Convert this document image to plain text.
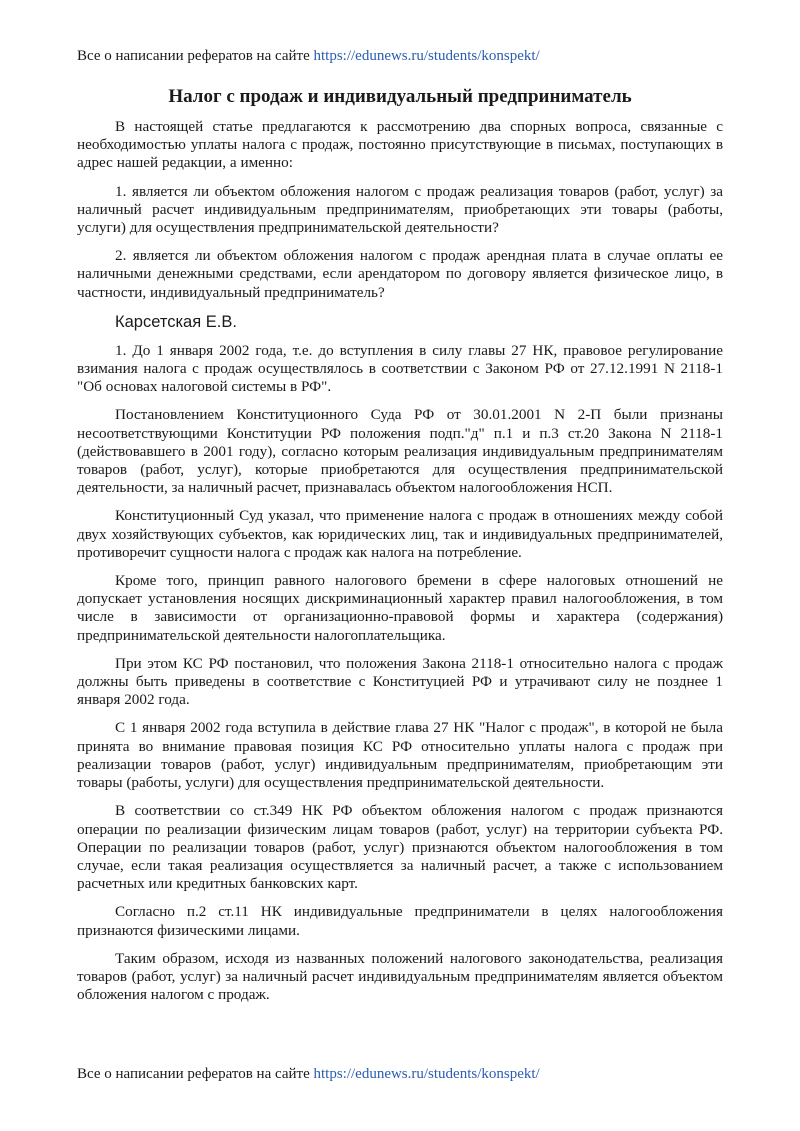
Все о написании рефератов на сайте https://edunews.ru/students/konspekt/
Налог с продаж и индивидуальный предприниматель

В настоящей статье предлагаются к рассмотрению два спорных вопроса, связанные с необходимостью уплаты налога с продаж, постоянно присутствующие в письмах, поступающих в адрес нашей редакции, а именно:

1. является ли объектом обложения налогом с продаж реализация товаров (работ, услуг) за наличный расчет индивидуальным предпринимателям, приобретающих эти товары (работы, услуги) для осуществления предпринимательской деятельности?

2. является ли объектом обложения налогом с продаж арендная плата в случае оплаты ее наличными денежными средствами, если арендатором по договору является физическое лицо, в частности, индивидуальный предприниматель?

Карсетская Е.В.

1. До 1 января 2002 года, т.е. до вступления в силу главы 27 НК, правовое регулирование взимания налога с продаж осуществлялось в соответствии с Законом РФ от 27.12.1991 N 2118-1 "Об основах налоговой системы в РФ".

Постановлением Конституционного Суда РФ от 30.01.2001 N 2-П были признаны несоответствующими Конституции РФ положения подп."д" п.1 и п.3 ст.20 Закона N 2118-1 (действовавшего в 2001 году), согласно которым реализация индивидуальным предпринимателям товаров (работ, услуг), которые приобретаются для осуществления предпринимательской деятельности, за наличный расчет, признавалась объектом налогообложения НСП.

Конституционный Суд указал, что применение налога с продаж в отношениях между собой двух хозяйствующих субъектов, как юридических лиц, так и индивидуальных предпринимателей, противоречит сущности налога с продаж как налога на потребление.

Кроме того, принцип равного налогового бремени в сфере налоговых отношений не допускает установления носящих дискриминационный характер правил налогообложения, в том числе в зависимости от организационно-правовой формы и характера (содержания) предпринимательской деятельности налогоплательщика.

При этом КС РФ постановил, что положения Закона 2118-1 относительно налога с продаж должны быть приведены в соответствие с Конституцией РФ и утрачивают силу не позднее 1 января 2002 года.

С 1 января 2002 года вступила в действие глава 27 НК "Налог с продаж", в которой не была принята во внимание правовая позиция КС РФ относительно уплаты налога с продаж при реализации товаров (работ, услуг) индивидуальным предпринимателям, приобретающим эти товары (работы, услуги) для осуществления предпринимательской деятельности.

В соответствии со ст.349 НК РФ объектом обложения налогом с продаж признаются операции по реализации физическим лицам товаров (работ, услуг) на территории субъекта РФ. Операции по реализации товаров (работ, услуг) признаются объектом налогообложения в том случае, если такая реализация осуществляется за наличный расчет, а также с использованием расчетных или кредитных банковских карт.

Согласно п.2 ст.11 НК индивидуальные предприниматели в целях налогообложения признаются физическими лицами.

Таким образом, исходя из названных положений налогового законодательства, реализация товаров (работ, услуг) за наличный расчет индивидуальным предпринимателям является объектом обложения налогом с продаж.

Все о написании рефератов на сайте https://edunews.ru/students/konspekt/
